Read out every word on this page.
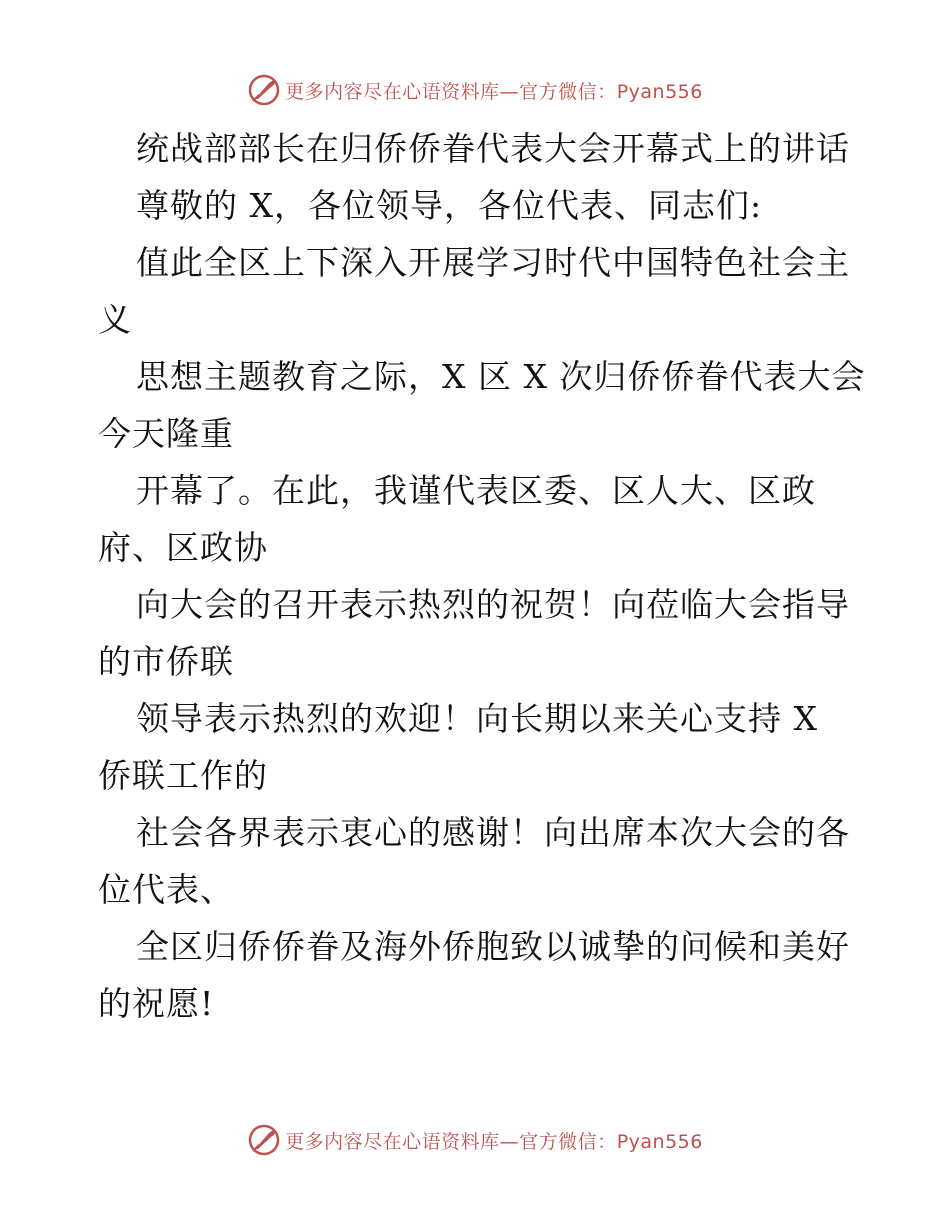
更多内容尽在心语资料库—官方微信：Pyan556
统战部部长在归侨侨眷代表大会开幕式上的讲话
尊敬的 X，各位领导，各位代表、同志们:
值此全区上下深入开展学习时代中国特色社会主
义
思想主题教育之际，X 区 X 次归侨侨眷代表大会
今天隆重
开幕了。在此，我谨代表区委、区人大、区政
府、区政协
向大会的召开表示热烈的祝贺！向莅临大会指导
的市侨联
领导表示热烈的欢迎！向长期以来关心支持 X
侨联工作的
社会各界表示衷心的感谢！向出席本次大会的各
位代表、
全区归侨侨眷及海外侨胞致以诚挚的问候和美好
的祝愿!
更多内容尽在心语资料库—官方微信：Pyan556
